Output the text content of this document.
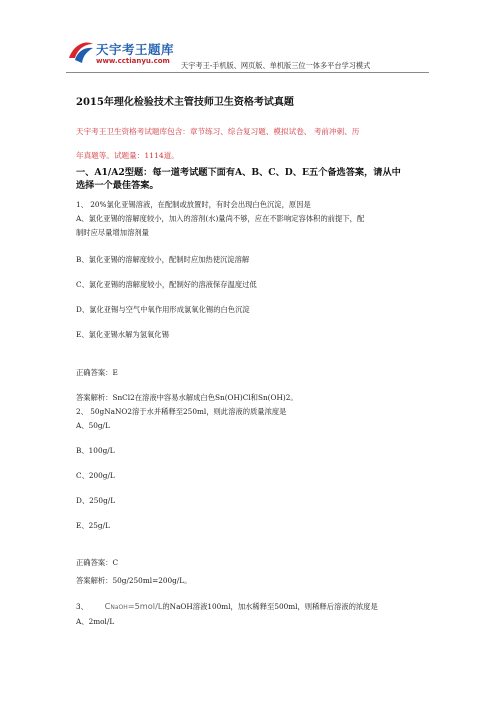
天宇考王题库
www.cctianyu.com 天宇考王-手机版、网页版、单机版三位一体多平台学习模式
2015年理化检验技术主管技师卫生资格考试真题
天宇考王卫生资格考试题库包含：章节练习、综合复习题、模拟试卷、 考前冲刺、历
年真题等。试题量：1114道。
一、A1/A2型题：每一道考试题下面有A、B、C、D、E五个备选答案，请从中
选择一个最佳答案。
1、 20%氯化亚锡溶液，在配制或放置时，有时会出现白色沉淀，原因是
A、氯化亚锡的溶解度较小，加入的溶剂(水)量尚不够，应在不影响定容体积的前提下，配
制时应尽量增加溶剂量
B、氯化亚锡的溶解度较小，配制时应加热使沉淀溶解
C、氯化亚锡的溶解度较小，配制好的溶液保存温度过低
D、氯化亚锡与空气中氧作用形成氯氧化锡的白色沉淀
E、氯化亚锡水解为氢氧化锡
正确答案：E
答案解析：SnCl2在溶液中容易水解成白色Sn(OH)Cl和Sn(OH)2。
2、 50gNaNO2溶于水并稀释至250ml，则此溶液的质量浓度是
A、50g/L
B、100g/L
C、200g/L
D、250g/L
E、25g/L
正确答案：C
答案解析：50g/250ml=200g/L。
3、 CNaOH=5mol/L的NaOH溶液100ml，加水稀释至500ml，则稀释后溶液的浓度是
A、2mol/L
